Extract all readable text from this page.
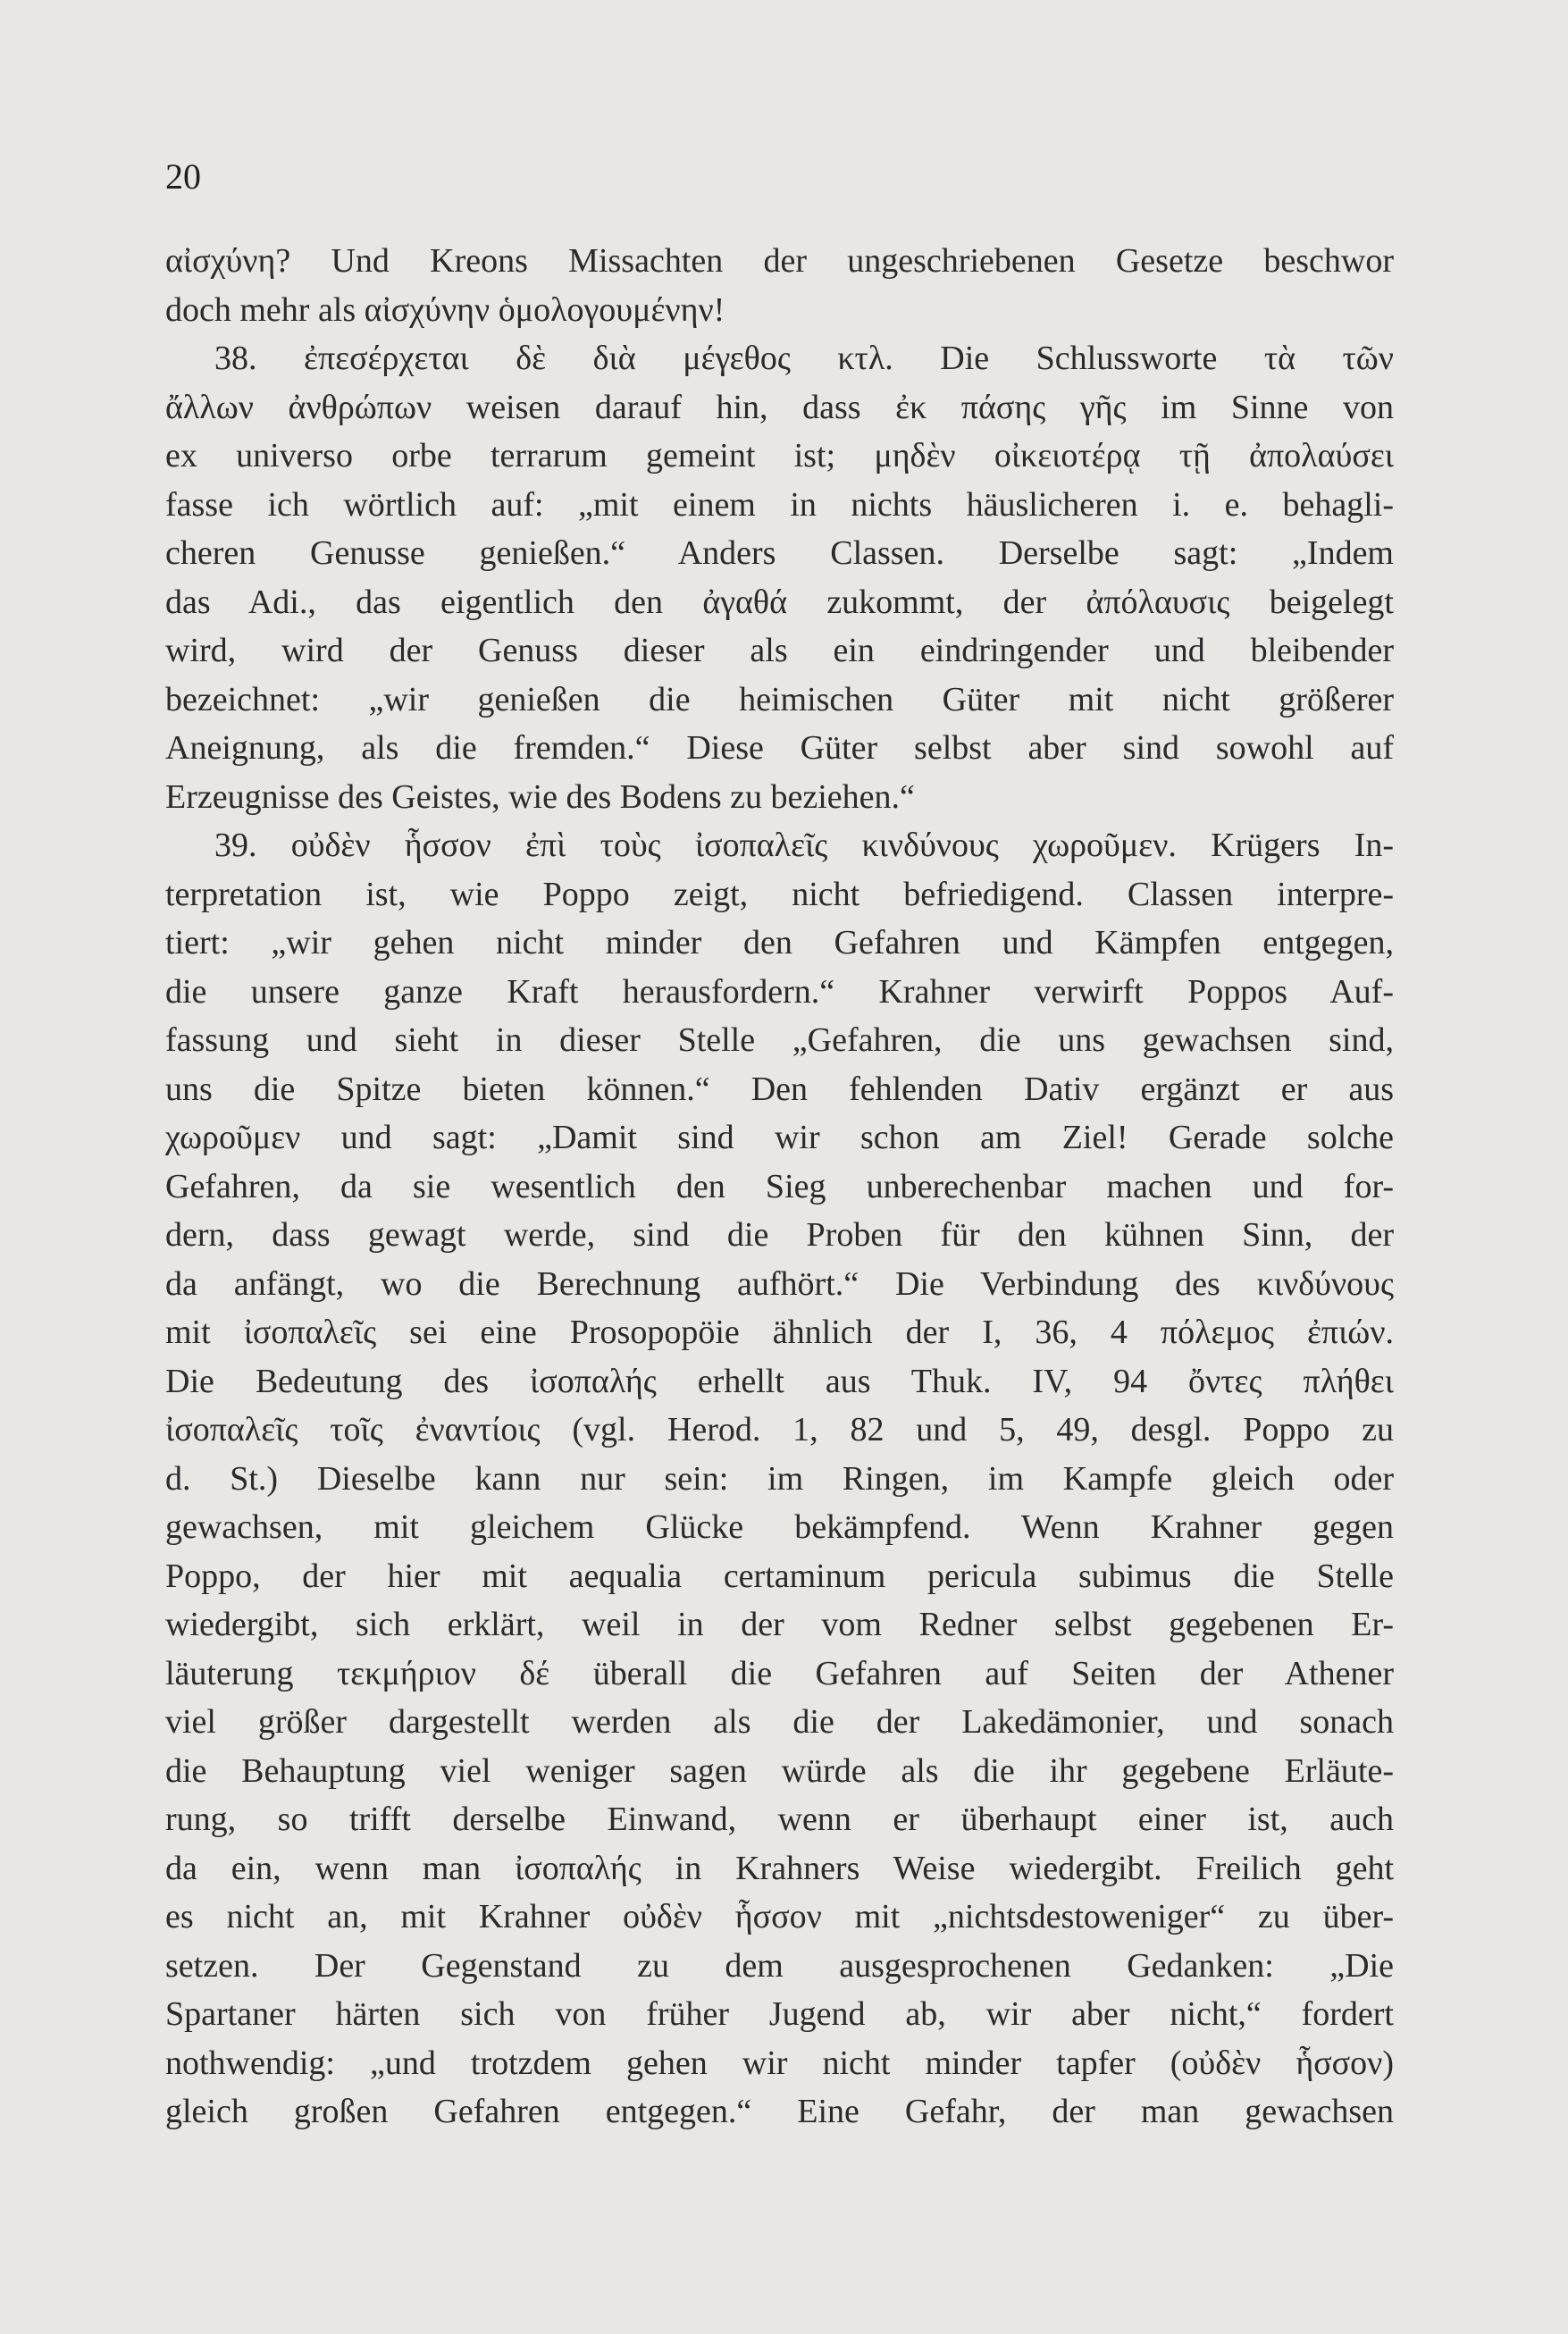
20
αἰσχύνη? Und Kreons Missachten der ungeschriebenen Gesetze beschwor
doch mehr als αἰσχύνην ὁμολογουμένην!
38. ἐπεσέρχεται δὲ διὰ μέγεθος κτλ. Die Schlussworte τὰ τῶν
ἄλλων ἀνθρώπων weisen darauf hin, dass ἐκ πάσης γῆς im Sinne von
ex universo orbe terrarum gemeint ist; μηδὲν οἰκειοτέρᾳ τῇ ἀπολαύσει
fasse ich wörtlich auf: „mit einem in nichts häuslicheren i. e. behagli-
cheren Genusse genießen.“ Anders Classen. Derselbe sagt: „Indem
das Adi., das eigentlich den ἀγαθά zukommt, der ἀπόλαυσις beigelegt
wird, wird der Genuss dieser als ein eindringender und bleibender
bezeichnet: „wir genießen die heimischen Güter mit nicht größerer
Aneignung, als die fremden.“ Diese Güter selbst aber sind sowohl auf
Erzeugnisse des Geistes, wie des Bodens zu beziehen.“
39. οὐδὲν ἧσσον ἐπὶ τοὺς ἰσοπαλεῖς κινδύνους χωροῦμεν. Krügers In-
terpretation ist, wie Poppo zeigt, nicht befriedigend. Classen interpre-
tiert: „wir gehen nicht minder den Gefahren und Kämpfen entgegen,
die unsere ganze Kraft herausfordern.“ Krahner verwirft Poppos Auf-
fassung und sieht in dieser Stelle „Gefahren, die uns gewachsen sind,
uns die Spitze bieten können.“ Den fehlenden Dativ ergänzt er aus
χωροῦμεν und sagt: „Damit sind wir schon am Ziel! Gerade solche
Gefahren, da sie wesentlich den Sieg unberechenbar machen und for-
dern, dass gewagt werde, sind die Proben für den kühnen Sinn, der
da anfängt, wo die Berechnung aufhört.“ Die Verbindung des κινδύνους
mit ἰσοπαλεῖς sei eine Prosopopöie ähnlich der I, 36, 4 πόλεμος ἐπιών.
Die Bedeutung des ἰσοπαλής erhellt aus Thuk. IV, 94 ὄντες πλήθει
ἰσοπαλεῖς τοῖς ἐναντίοις (vgl. Herod. 1, 82 und 5, 49, desgl. Poppo zu
d. St.) Dieselbe kann nur sein: im Ringen, im Kampfe gleich oder
gewachsen, mit gleichem Glücke bekämpfend. Wenn Krahner gegen
Poppo, der hier mit aequalia certaminum pericula subimus die Stelle
wiedergibt, sich erklärt, weil in der vom Redner selbst gegebenen Er-
läuterung τεκμήριον δέ überall die Gefahren auf Seiten der Athener
viel größer dargestellt werden als die der Lakedämonier, und sonach
die Behauptung viel weniger sagen würde als die ihr gegebene Erläute-
rung, so trifft derselbe Einwand, wenn er überhaupt einer ist, auch
da ein, wenn man ἰσοπαλής in Krahners Weise wiedergibt. Freilich geht
es nicht an, mit Krahner οὐδὲν ἧσσον mit „nichtsdestoweniger“ zu über-
setzen. Der Gegenstand zu dem ausgesprochenen Gedanken: „Die
Spartaner härten sich von früher Jugend ab, wir aber nicht,“ fordert
nothwendig: „und trotzdem gehen wir nicht minder tapfer (οὐδὲν ἧσσον)
gleich großen Gefahren entgegen.“ Eine Gefahr, der man gewachsen
